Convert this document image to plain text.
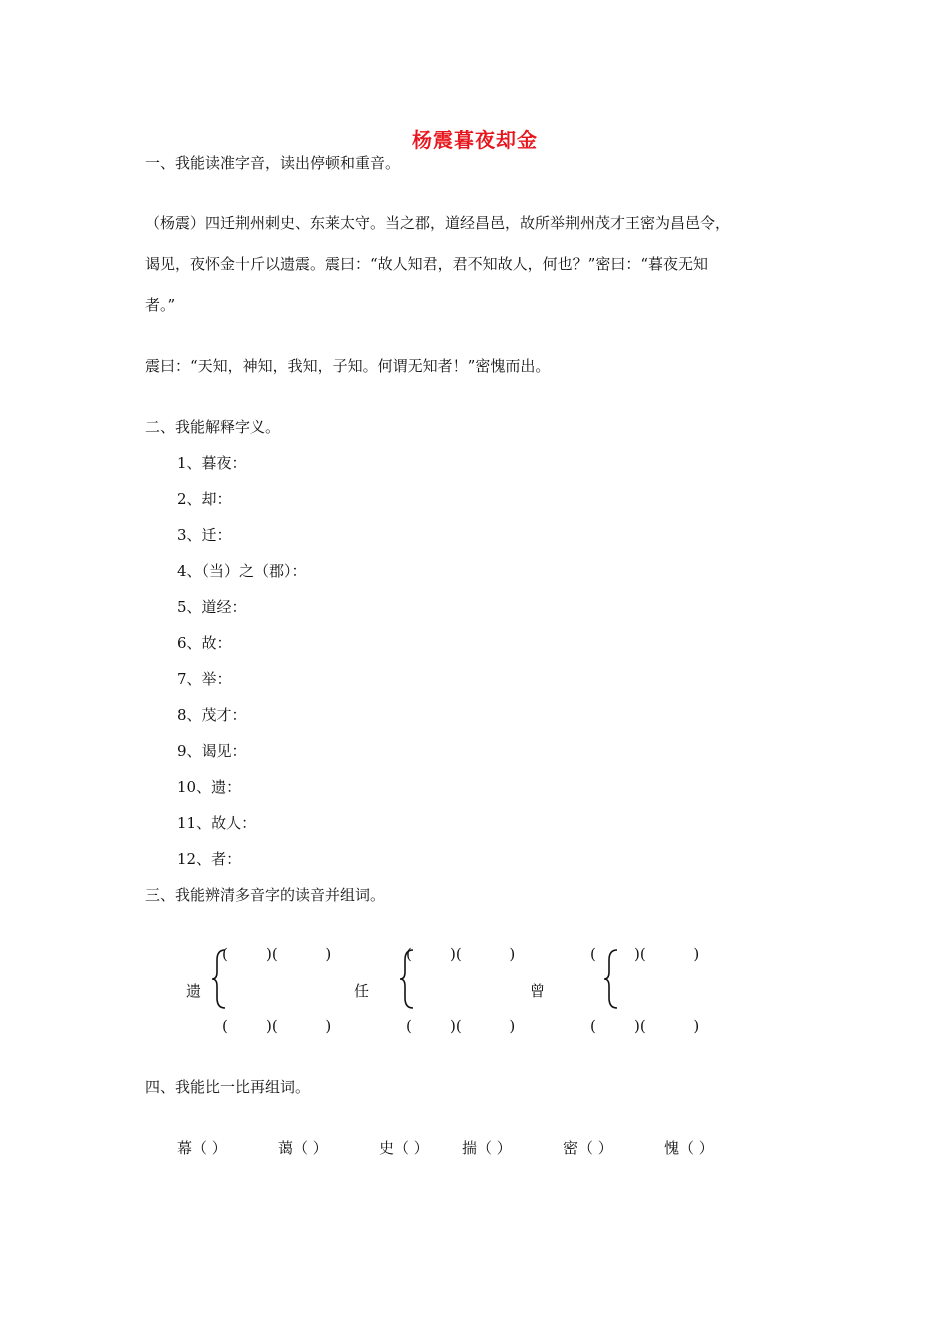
杨震暮夜却金
一、我能读准字音，读出停顿和重音。
（杨震）四迁荆州刺史、东莱太守。当之郡，道经昌邑，故所举荆州茂才王密为昌邑令，
谒见，夜怀金十斤以遗震。震曰：“故人知君，君不知故人，何也？”密曰：“暮夜无知
者。”
震曰：“天知，神知，我知，子知。何谓无知者！”密愧而出。
二、我能解释字义。
1、暮夜：
2、却：
3、迁：
4、（当）之（郡）：
5、道经：
6、故：
7、举：
8、茂才：
9、谒见：
10、遗：
11、故人：
12、者：
三、我能辨清多音字的读音并组词。
(        )(          )
遗
(        )(          )
(        )(          )
任
(        )(          )
(        )(          )
曾
(        )(          )
四、我能比一比再组词。
幕（ ）	蔼（ ）	史（ ） 揣（ ）	密（ ）	愧（ ）
